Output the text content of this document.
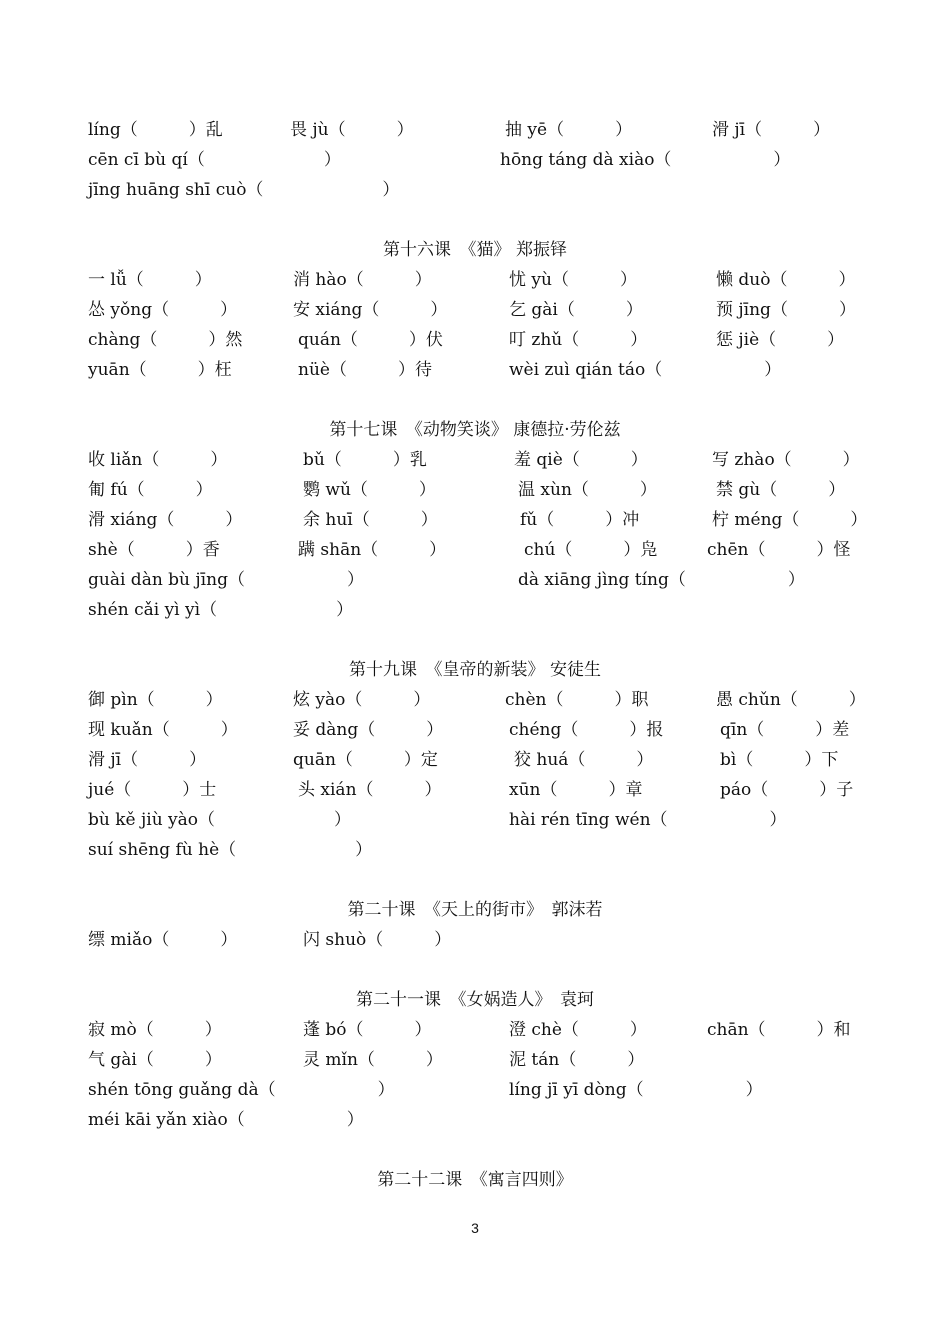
líng（　　　）乱	畏 jù（　　　）	抽 yē（　　　）	滑 jī（　　　）
cēn cī bù qí（　　　　　　　）	hōng táng dà xiào（　　　　　　）
jīng huāng shī cuò（　　　　　　　）
第十六课　《猫》 郑振铎
一 lǚ（　　　）	消 hào（　　　）	忧 yù（　　　）	懒 duò（　　　）
怂 yǒng（　　　）	安 xiáng（　　　）	乞 gài（　　　）	预 jīng（　　　）
chàng（　　　）然	quán（　　　）伏	叮 zhǔ（　　　）	惩 jiè（　　　）
yuān（　　　）枉	nüè（　　　）待	wèi zuì qián táo（　　　　　　）
第十七课　《动物笑谈》 康德拉·劳伦兹
收 liǎn（　　　）	bǔ（　　　）乳	羞 qiè（　　　）	写 zhào（　　　）
匍 fú（　　　）	鹦 wǔ（　　　）	温 xùn（　　　）	禁 gù（　　　）
滑 xiáng（　　　）	余 huī（　　　）	fǔ（　　　）冲	柠 méng（　　　）
shè（　　　）香	蹒 shān（　　　）	chú（　　　）凫	chēn（　　　）怪
guài dàn bù jīng（　　　　　　）	dà xiāng jìng tíng（　　　　　　）
shén cǎi yì yì（　　　　　　　）
第十九课　《皇帝的新装》 安徒生
御 pìn（　　　）	炫 yào（　　　）	chèn（　　　）职	愚 chǔn（　　　）
现 kuǎn（　　　）	妥 dàng（　　　）	chéng（　　　）报	qīn（　　　）差
滑 jī（　　　）	quān（　　　）定	狡 huá（　　　）	bì（　　　）下
jué（　　　）士	头 xián（　　　）	xūn（　　　）章	páo（　　　）子
bù kě jiù yào（　　　　　　　）	hài rén tīng wén（　　　　　　）
suí shēng fù hè（　　　　　　　）
第二十课　《天上的街市》　郭沫若
缥 miǎo（　　　）	闪 shuò（　　　）
第二十一课　《女娲造人》　袁珂
寂 mò（　　　）	蓬 bó（　　　）	澄 chè（　　　）	chān（　　　）和
气 gài（　　　）	灵 mǐn（　　　）	泥 tán（　　　）
shén tōng guǎng dà（　　　　　　）	líng jī yī dòng（　　　　　　）
méi kāi yǎn xiào（　　　　　　）
第二十二课　《寓言四则》
3
